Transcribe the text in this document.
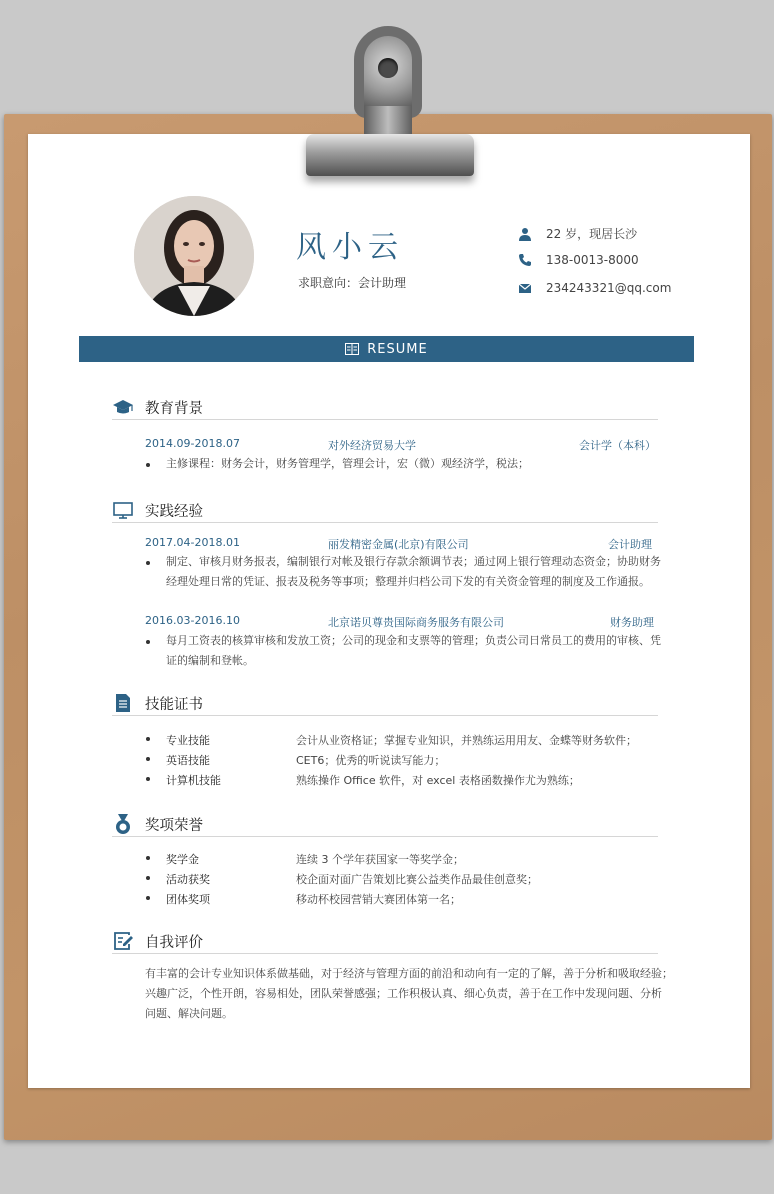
风小云
求职意向：会计助理
22 岁，现居长沙
138-0013-8000
234243321@qq.com
RESUME
教育背景
2014.09-2018.07	对外经济贸易大学	会计学（本科）
主修课程：财务会计，财务管理学，管理会计，宏（微）观经济学，税法；
实践经验
2017.04-2018.01	丽发精密金属(北京)有限公司	会计助理
制定、审核月财务报表，编制银行对帐及银行存款余额调节表；通过网上银行管理动态资金；协助财务
经理处理日常的凭证、报表及税务等事项；整理并归档公司下发的有关资金管理的制度及工作通报。
2016.03-2016.10	北京诺贝尊贵国际商务服务有限公司	财务助理
每月工资表的核算审核和发放工资；公司的现金和支票等的管理；负责公司日常员工的费用的审核、凭
证的编制和登帐。
技能证书
专业技能	会计从业资格证；掌握专业知识，并熟练运用用友、金蝶等财务软件；
英语技能	CET6；优秀的听说读写能力；
计算机技能	熟练操作 Office 软件，对 excel 表格函数操作尤为熟练；
奖项荣誉
奖学金	连续 3 个学年获国家一等奖学金；
活动获奖	校企面对面广告策划比赛公益类作品最佳创意奖；
团体奖项	移动杯校园营销大赛团体第一名；
自我评价
有丰富的会计专业知识体系做基础，对于经济与管理方面的前沿和动向有一定的了解，善于分析和吸取经验；
兴趣广泛，个性开朗，容易相处，团队荣誉感强；工作积极认真、细心负责，善于在工作中发现问题、分析
问题、解决问题。
